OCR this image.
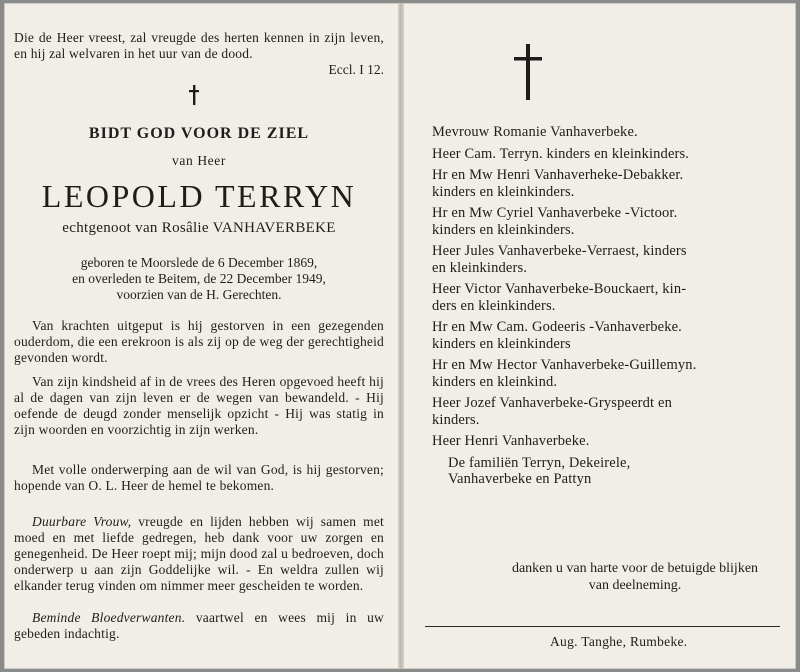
Die de Heer vreest, zal vreugde des herten kennen in zijn leven, en hij zal welvaren in het uur van de dood.

Eccl. I 12.
BIDT GOD VOOR DE ZIEL
van Heer
LEOPOLD TERRYN
echtgenoot van Rosâlie VANHAVERBEKE
geboren te Moorslede de 6 December 1869,
en overleden te Beitem, de 22 December 1949,
voorzien van de H. Gerechten.

Van krachten uitgeput is hij gestorven in een gezegenden ouderdom, die een erekroon is als zij op de weg der gerechtigheid gevonden wordt.

Van zijn kindsheid af in de vrees des Heren opgevoed heeft hij al de dagen van zijn leven er de wegen van bewandeld. - Hij oefende de deugd zonder menselijk opzicht - Hij was statig in zijn woorden en voorzichtig in zijn werken.

Met volle onderwerping aan de wil van God, is hij gestorven; hopende van O. L. Heer de hemel te bekomen.

Duurbare Vrouw, vreugde en lijden hebben wij samen met moed en met liefde gedregen, heb dank voor uw zorgen en genegenheid. De Heer roept mij; mijn dood zal u bedroeven, doch onderwerp u aan zijn Goddelijke wil. - En weldra zullen wij elkander terug vinden om nimmer meer gescheiden te worden.

Beminde Bloedverwanten. vaartwel en wees mij in uw gebeden indachtig.

Mevrouw Romanie Vanhaverbeke.
Heer Cam. Terryn. kinders en kleinkinders.
Hr en Mw Henri Vanhaverheke-Debakker.
kinders en kleinkinders.
Hr en Mw Cyriel Vanhaverbeke -Victoor.
kinders en kleinkinders.
Heer Jules Vanhaverbeke-Verraest, kinders
en kleinkinders.
Heer Victor Vanhaverbeke-Bouckaert, kin-
ders en kleinkinders.
Hr en Mw Cam. Godeeris -Vanhaverbeke.
kinders en kleinkinders
Hr en Mw Hector Vanhaverbeke-Guillemyn.
kinders en kleinkind.
Heer Jozef Vanhaverbeke-Gryspeerdt en
kinders.
Heer Henri Vanhaverbeke.
De familiën Terryn, Dekeirele,
Vanhaverbeke en Pattyn
danken u van harte voor de betuigde blijken van deelneming.
Aug. Tanghe, Rumbeke.
